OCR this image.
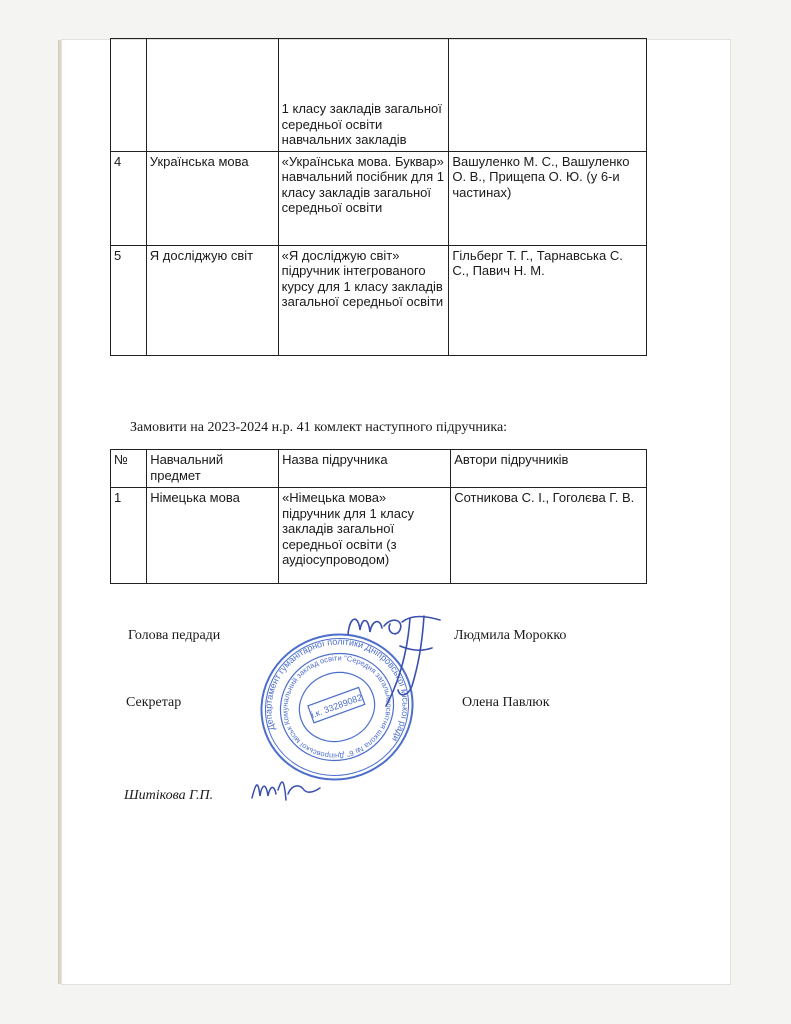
		1 класу закладів загальної середньої освіти навчальних закладів	
4	Українська мова	«Українська мова. Буквар» навчальний посібник для 1 класу закладів загальної середньої освіти	Вашуленко М. С., Вашуленко О. В., Прищепа О. Ю. (у 6-и частинах)
5	Я досліджую світ	«Я досліджую світ» підручник інтегрованого курсу для 1 класу закладів загальної середньої освіти	Гільберг Т. Г., Тарнавська С. С., Павич Н. М.
Замовити на 2023-2024 н.р. 41 комлект наступного підручника:
№	Навчальний предмет	Назва підручника	Автори підручників
1	Німецька мова	«Німецька мова» підручник для 1 класу закладів загальної середньої освіти (з аудіосупроводом)	Сотникова С. І., Гоголєва Г. В.
Голова педради	Людмила Морокко
Секретар	Олена Павлюк
Шитікова Г.П.
Департамент гуманітарної політики Дніпровської міської ради
Комунальний заклад освіти "Середня загальноосвітня школа № 6" Дніпровської міської
і.к. 33289082
